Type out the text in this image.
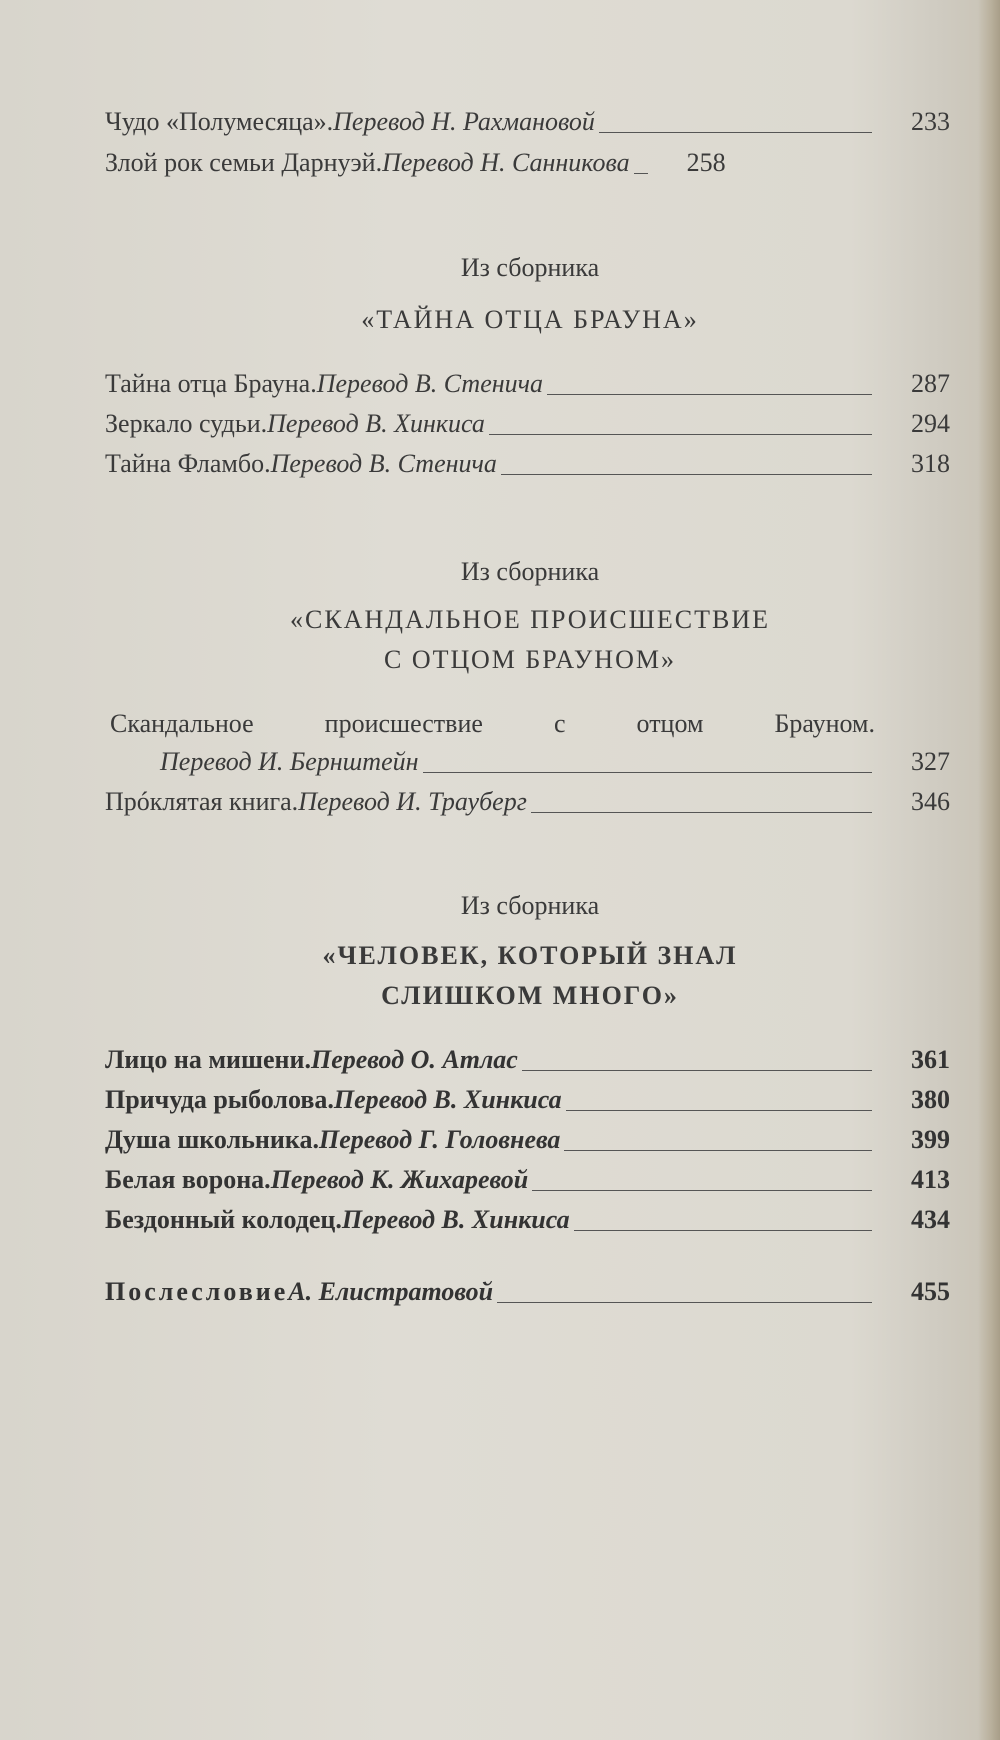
Чудо «Полумесяца». Перевод Н. Рахмановой	233
Злой рок семьи Дарнуэй. Перевод Н. Санникова	258
Из сборника
«ТАЙНА ОТЦА БРАУНА»
Тайна отца Брауна. Перевод В. Стенича	287
Зеркало судьи. Перевод В. Хинкиса	294
Тайна Фламбо. Перевод В. Стенича	318
Из сборника
«СКАНДАЛЬНОЕ ПРОИСШЕСТВИЕ
С ОТЦОМ БРАУНОМ»
Скандальное происшествие с отцом Брауном.
Перевод И. Бернштейн	327
Прóклятая книга. Перевод И. Трауберг	346
Из сборника
«ЧЕЛОВЕК, КОТОРЫЙ ЗНАЛ
СЛИШКОМ МНОГО»
Лицо на мишени. Перевод О. Атлас	361
Причуда рыболова. Перевод В. Хинкиса	380
Душа школьника. Перевод Г. Головнева	399
Белая ворона. Перевод К. Жихаревой	413
Бездонный колодец. Перевод В. Хинкиса	434
Послесловие А. Елистратовой	455
